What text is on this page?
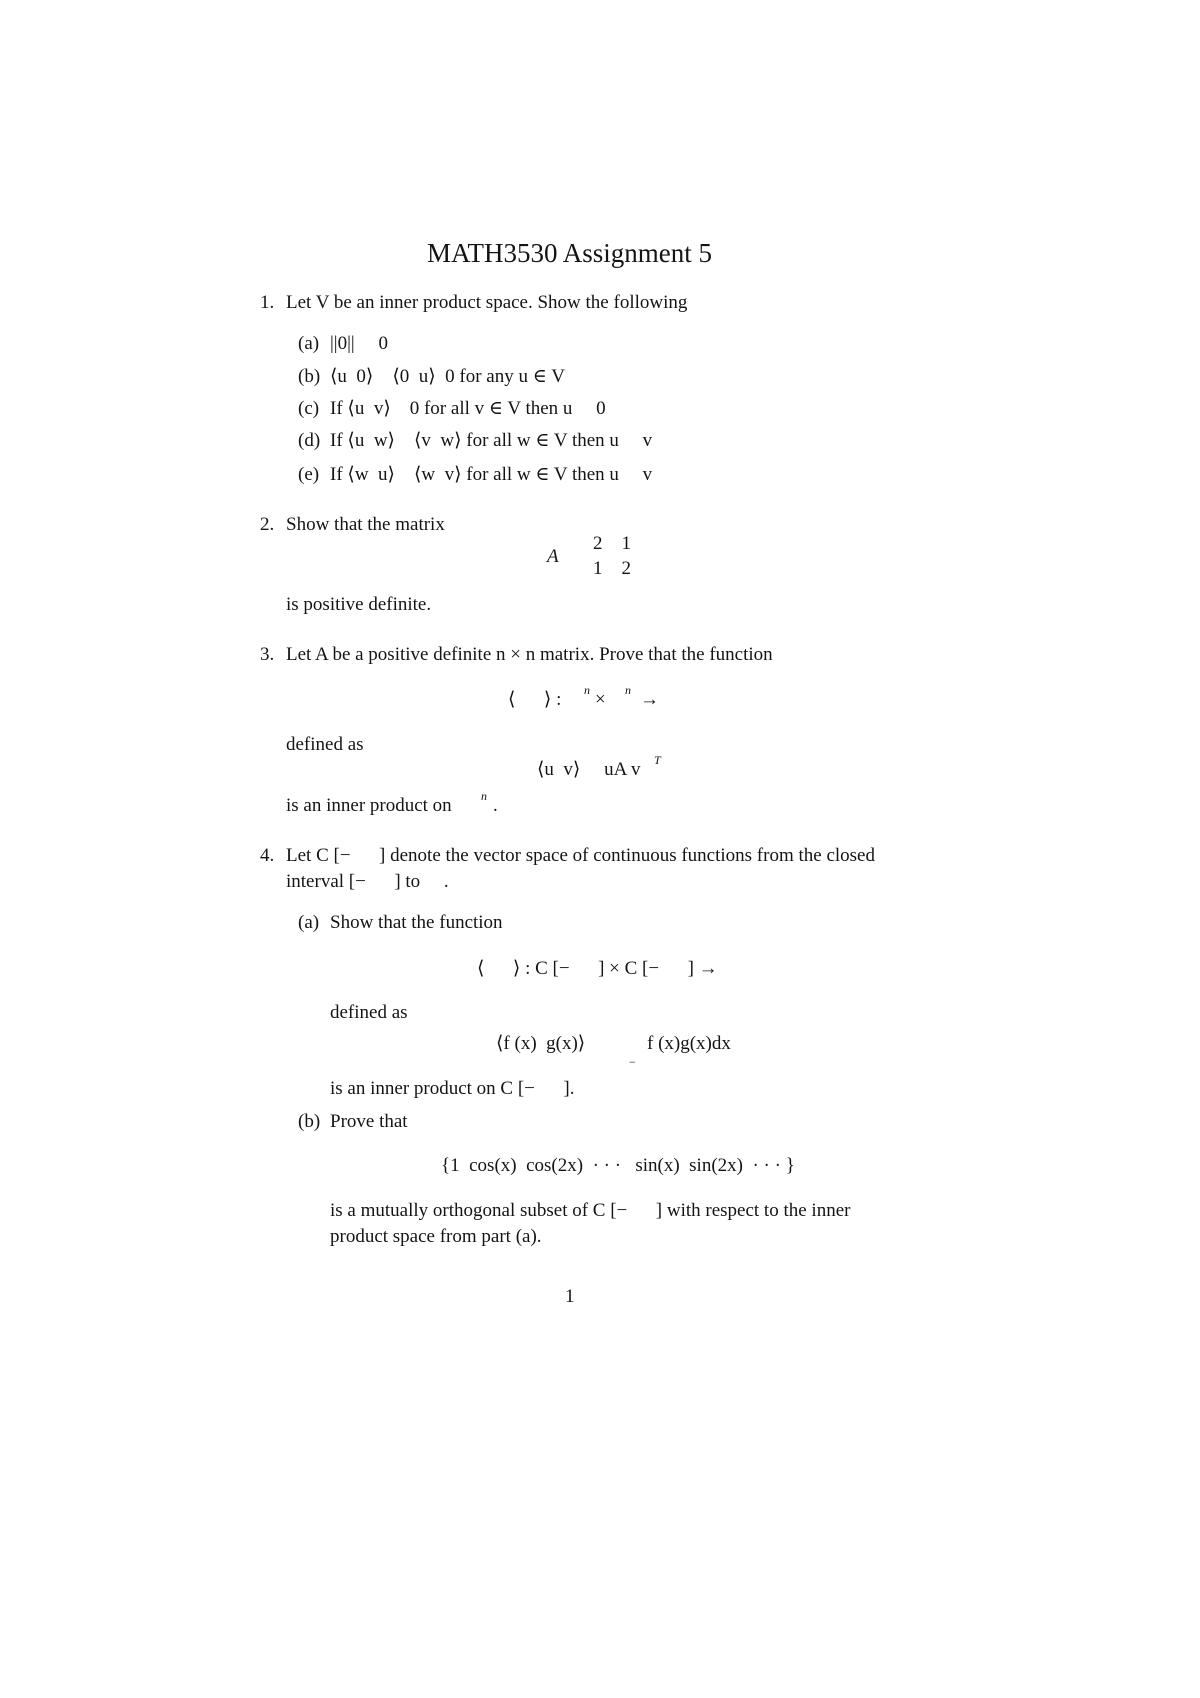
MATH3530 Assignment 5
1. Let V be an inner product space. Show the following
(a) ||0||     0
(b) ⟨u  0⟩    ⟨0  u⟩  0 for any u ∈ V
(c) If ⟨u  v⟩    0 for all v ∈ V then u     0
(d) If ⟨u  w⟩    ⟨v  w⟩ for all w ∈ V then u     v
(e) If ⟨w  u⟩    ⟨w  v⟩ for all w ∈ V then u     v
2. Show that the matrix
A
2    1
1    2
is positive definite.
3. Let A be a positive definite n × n matrix. Prove that the function
⟨      ⟩ : n × n →
defined as
⟨u  v⟩     uA v T
is an inner product on n .
4. Let C [−      ] denote the vector space of continuous functions from the closed
interval [−      ] to     .
(a) Show that the function
⟨      ⟩ : C [−      ] × C [−      ] →
defined as
⟨f (x)  g(x)⟩	f (x)g(x)dx
−
is an inner product on C [−      ].
(b) Prove that
{1  cos(x)  cos(2x)  · · ·   sin(x)  sin(2x)  · · · }
is a mutually orthogonal subset of C [−      ] with respect to the inner
product space from part (a).
1
